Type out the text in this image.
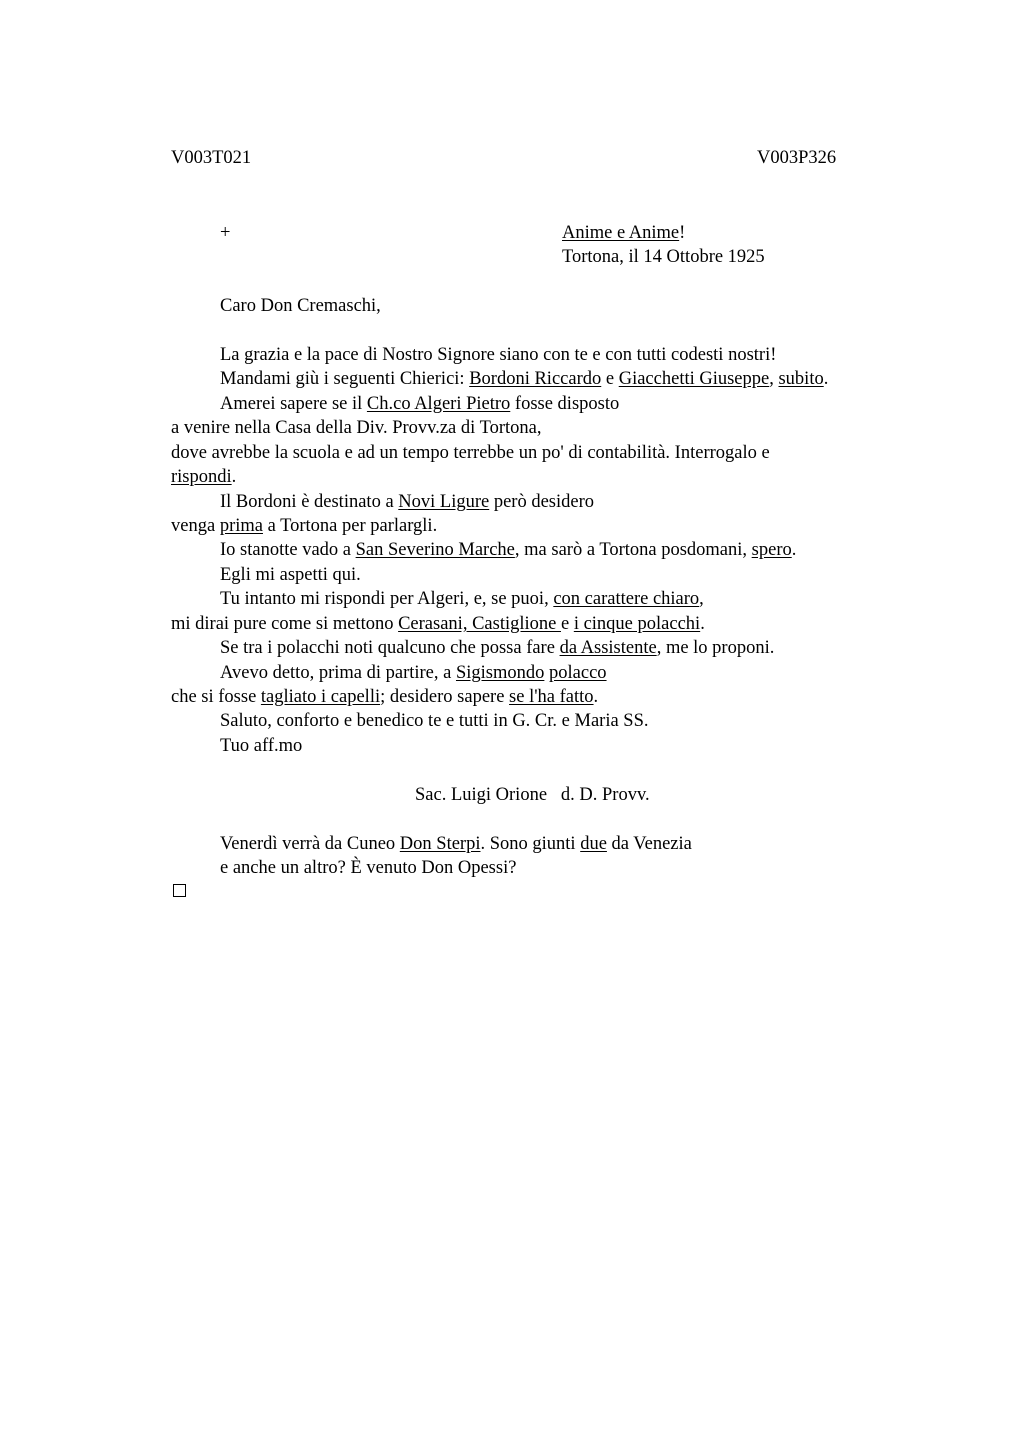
V003T021	V003P326
+	Anime e Anime!
Tortona, il 14 Ottobre 1925
Caro Don Cremaschi,
La grazia e la pace di Nostro Signore siano con te e con tutti codesti nostri!
Mandami giù i seguenti Chierici: Bordoni Riccardo e Giacchetti Giuseppe, subito.
Amerei sapere se il Ch.co Algeri Pietro fosse disposto
a venire nella Casa della Div. Provv.za di Tortona,
dove avrebbe la scuola e ad un tempo terrebbe un po' di contabilità. Interrogalo e
rispondi.
Il Bordoni è destinato a Novi Ligure però desidero
venga prima a Tortona per parlargli.
Io stanotte vado a San Severino Marche, ma sarò a Tortona posdomani, spero.
Egli mi aspetti qui.
Tu intanto mi rispondi per Algeri, e, se puoi, con carattere chiaro,
mi dirai pure come si mettono Cerasani, Castiglione e i cinque polacchi.
Se tra i polacchi noti qualcuno che possa fare da Assistente, me lo proponi.
Avevo detto, prima di partire, a Sigismondo polacco
che si fosse tagliato i capelli; desidero sapere se l'ha fatto.
Saluto, conforto e benedico te e tutti in G. Cr. e Maria SS.
Tuo aff.mo
Sac. Luigi Orione   d. D. Provv.
Venerdì verrà da Cuneo Don Sterpi. Sono giunti due da Venezia
e anche un altro? È venuto Don Opessi?
